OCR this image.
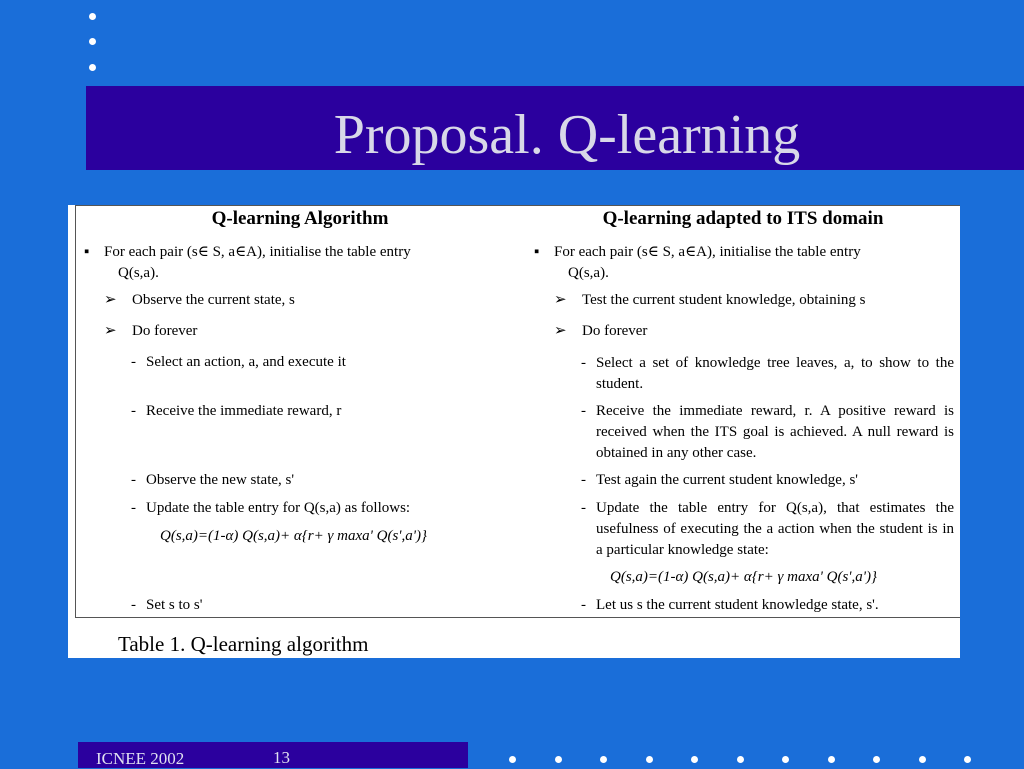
Proposal. Q-learning
Q-learning Algorithm
▪ For each pair (s∈ S, a∈A), initialise the table entry
Q(s,a).
➢ Observe the current state, s
➢ Do forever
- Select an action, a, and execute it
- Receive the immediate reward, r
- Observe the new state, s'
- Update the table entry for Q(s,a) as follows:
Q(s,a)=(1-α) Q(s,a)+ α{r+ γ maxa' Q(s',a')}
- Set s to s'
Q-learning adapted to ITS domain
▪ For each pair (s∈ S, a∈A), initialise the table entry
Q(s,a).
➢ Test the current student knowledge, obtaining s
➢ Do forever
- Select a set of knowledge tree leaves, a, to show to the student.
- Receive the immediate reward, r. A positive reward is received when the ITS goal is achieved. A null reward is obtained in any other case.
- Test again the current student knowledge, s'
- Update the table entry for Q(s,a), that estimates the usefulness of executing the a action when the student is in a particular knowledge state:
Q(s,a)=(1-α) Q(s,a)+ α{r+ γ maxa' Q(s',a')}
- Let us s the current student knowledge state, s'.
Table 1. Q-learning algorithm
ICNEE 2002	13
